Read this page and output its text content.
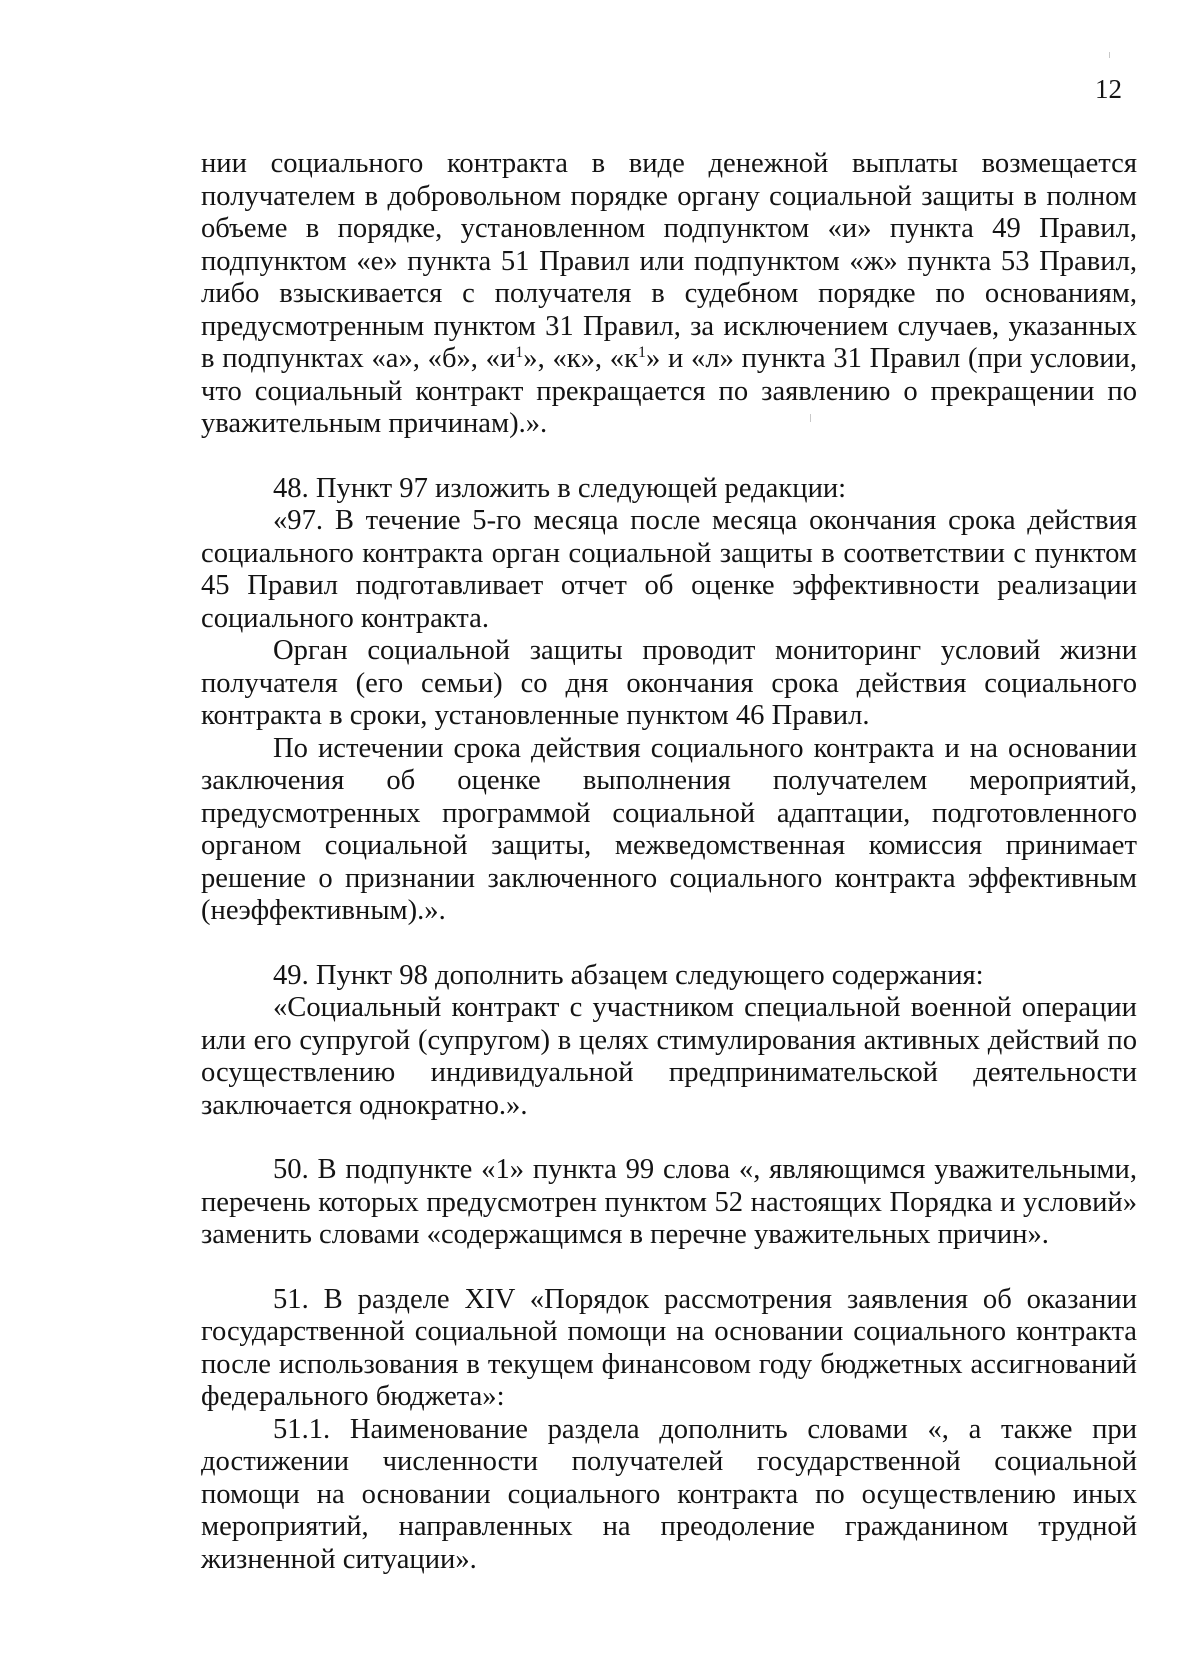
12

нии социального контракта в виде денежной выплаты возмещается получателем в добровольном порядке органу социальной защиты в полном объеме в порядке, установленном подпунктом «и» пункта 49 Правил, подпунктом «е» пункта 51 Правил или подпунктом «ж» пункта 53 Правил, либо взыскивается с получателя в судебном порядке по основаниям, предусмотренным пунктом 31 Правил, за исключением случаев, указанных в подпунктах «а», «б», «$и^1$», «к», «$к^1$» и «л» пункта 31 Правил (при условии, что социальный контракт прекращается по заявлению о прекращении по уважительным причинам).».

48. Пункт 97 изложить в следующей редакции:

«97. В течение 5-го месяца после месяца окончания срока действия социального контракта орган социальной защиты в соответствии с пунктом 45 Правил подготавливает отчет об оценке эффективности реализации социального контракта.

Орган социальной защиты проводит мониторинг условий жизни получателя (его семьи) со дня окончания срока действия социального контракта в сроки, установленные пунктом 46 Правил.

По истечении срока действия социального контракта и на основании заключения об оценке выполнения получателем мероприятий, предусмотренных программой социальной адаптации, подготовленного органом социальной защиты, межведомственная комиссия принимает решение о признании заключенного социального контракта эффективным (неэффективным).».

49. Пункт 98 дополнить абзацем следующего содержания:

«Социальный контракт с участником специальной военной операции или его супругой (супругом) в целях стимулирования активных действий по осуществлению индивидуальной предпринимательской деятельности заключается однократно.».

50. В подпункте «1» пункта 99 слова «, являющимся уважительными, перечень которых предусмотрен пунктом 52 настоящих Порядка и условий» заменить словами «содержащимся в перечне уважительных причин».

51. В разделе XIV «Порядок рассмотрения заявления об оказании государственной социальной помощи на основании социального контракта после использования в текущем финансовом году бюджетных ассигнований федерального бюджета»:

51.1. Наименование раздела дополнить словами «, а также при достижении численности получателей государственной социальной помощи на основании социального контракта по осуществлению иных мероприятий, направленных на преодоление гражданином трудной жизненной ситуации».
